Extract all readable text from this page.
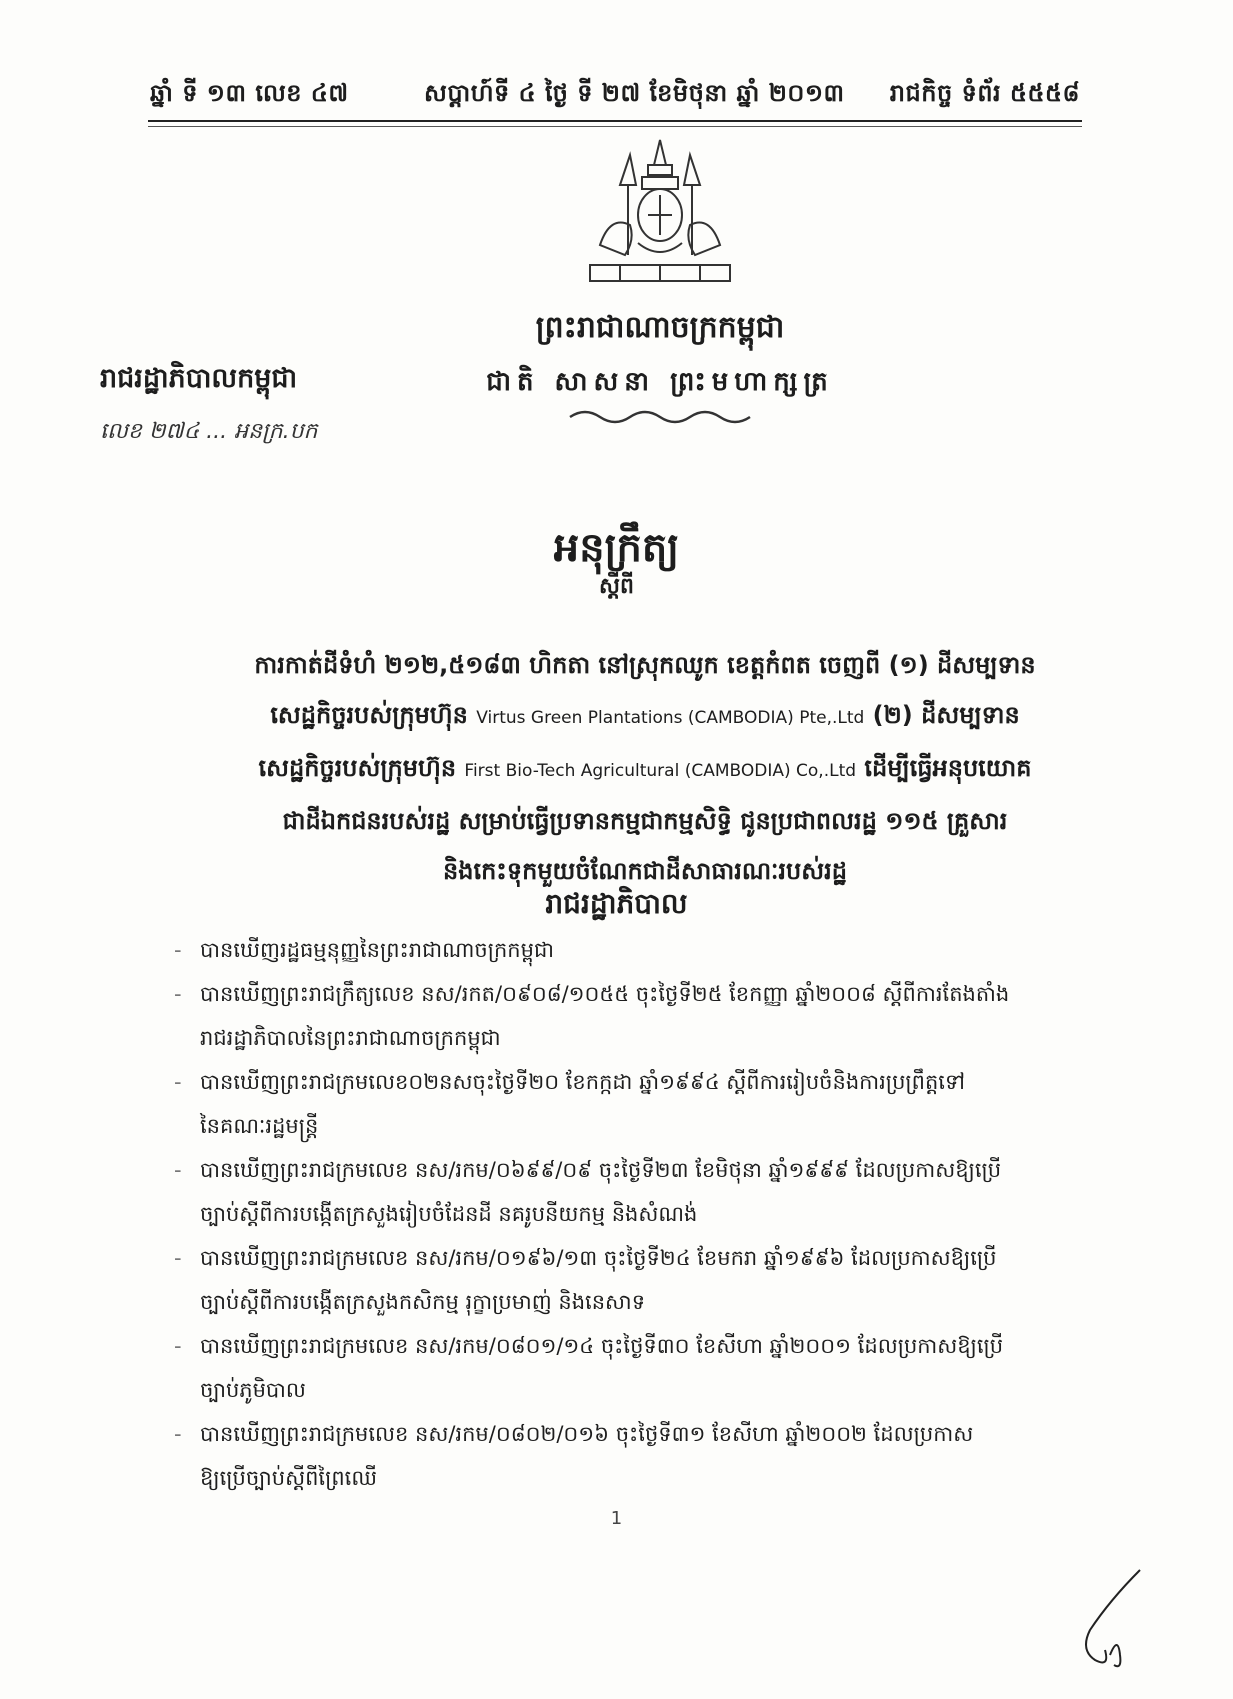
ឆ្នាំ ទី ១៣ លេខ ៤៧	សប្តាហ៍ទី ៤ ថ្ងៃ ទី ២៧ ខែមិថុនា ឆ្នាំ ២០១៣ រាជកិច្ច ទំព័រ ៥៥៥៨
ព្រះរាជាណាចក្រកម្ពុជា
ជាតិ សាសនា ព្រះមហាក្សត្រ
រាជរដ្ឋាភិបាលកម្ពុជា
លេខ ២៧៤ ... អនក្រ.បក
អនុក្រឹត្យ
ស្តីពី
ការកាត់ដីទំហំ ២១២,៥១៨៣ ហិកតា នៅស្រុកឈូក ខេត្តកំពត ចេញពី (១) ដីសម្បទាន
សេដ្ឋកិច្ចរបស់ក្រុមហ៊ុន Virtus Green Plantations (CAMBODIA) Pte,.Ltd (២) ដីសម្បទាន
សេដ្ឋកិច្ចរបស់ក្រុមហ៊ុន First Bio-Tech Agricultural (CAMBODIA) Co,.Ltd ដើម្បីធ្វើអនុបយោគ
ជាដីឯកជនរបស់រដ្ឋ សម្រាប់ធ្វើប្រទានកម្មជាកម្មសិទ្ធិ ជូនប្រជាពលរដ្ឋ ១១៥ គ្រួសារ
និងកេះទុកមួយចំណែកជាដីសាធារណៈរបស់រដ្ឋ
រាជរដ្ឋាភិបាល
- បានឃើញរដ្ឋធម្មនុញ្ញនៃព្រះរាជាណាចក្រកម្ពុជា
- បានឃើញព្រះរាជក្រឹត្យលេខ នស/រកត/០៩០៨/១០៥៥ ចុះថ្ងៃទី២៥ ខែកញ្ញា ឆ្នាំ២០០៨ ស្តីពីការតែងតាំង
រាជរដ្ឋាភិបាលនៃព្រះរាជាណាចក្រកម្ពុជា
- បានឃើញព្រះរាជក្រមលេខ០២នសចុះថ្ងៃទី២០ ខែកក្កដា ឆ្នាំ១៩៩៤ ស្តីពីការរៀបចំនិងការប្រព្រឹត្តទៅ
នៃគណៈរដ្ឋមន្ត្រី
- បានឃើញព្រះរាជក្រមលេខ នស/រកម/០៦៩៩/០៩ ចុះថ្ងៃទី២៣ ខែមិថុនា ឆ្នាំ១៩៩៩ ដែលប្រកាសឱ្យប្រើ
ច្បាប់ស្តីពីការបង្កើតក្រសួងរៀបចំដែនដី នគរូបនីយកម្ម និងសំណង់
- បានឃើញព្រះរាជក្រមលេខ នស/រកម/០១៩៦/១៣ ចុះថ្ងៃទី២៤ ខែមករា ឆ្នាំ១៩៩៦ ដែលប្រកាសឱ្យប្រើ
ច្បាប់ស្តីពីការបង្កើតក្រសួងកសិកម្ម រុក្ខាប្រមាញ់ និងនេសាទ
- បានឃើញព្រះរាជក្រមលេខ នស/រកម/០៨០១/១៤ ចុះថ្ងៃទី៣០ ខែសីហា ឆ្នាំ២០០១ ដែលប្រកាសឱ្យប្រើ
ច្បាប់ភូមិបាល
- បានឃើញព្រះរាជក្រមលេខ នស/រកម/០៨០២/០១៦ ចុះថ្ងៃទី៣១ ខែសីហា ឆ្នាំ២០០២ ដែលប្រកាស
ឱ្យប្រើច្បាប់ស្តីពីព្រៃឈើ
1
